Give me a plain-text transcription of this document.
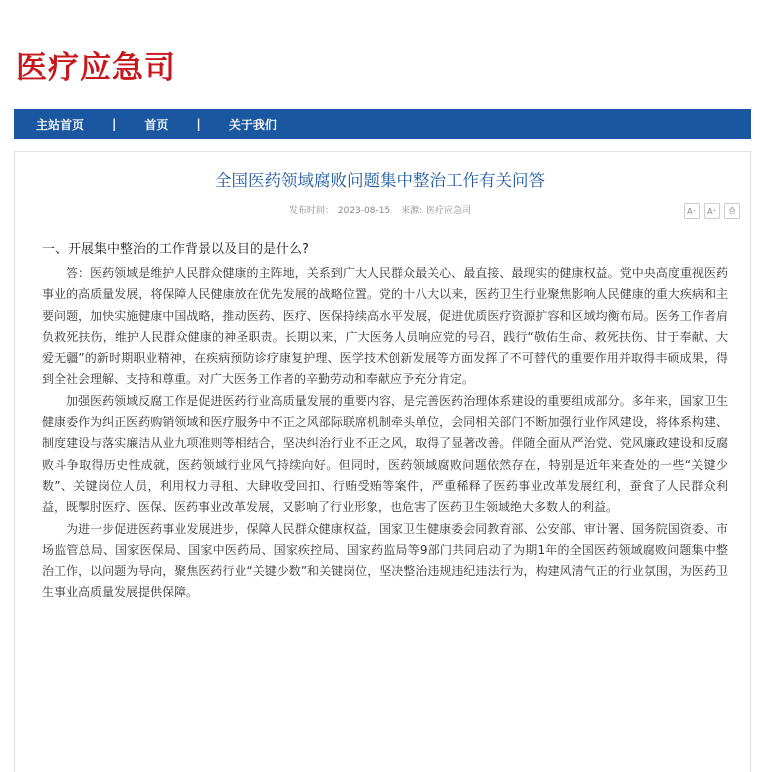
医疗应急司
主站首页 | 首页 | 关于我们
全国医药领域腐败问题集中整治工作有关问答
发布时间： 2023-08-15 来源: 医疗应急司	A⁻	A⁺	⎙
一、开展集中整治的工作背景以及目的是什么?

答：医药领域是维护人民群众健康的主阵地，关系到广大人民群众最关心、最直接、最现实的健康权益。党中央高度重视医药事业的高质量发展，将保障人民健康放在优先发展的战略位置。党的十八大以来，医药卫生行业聚焦影响人民健康的重大疾病和主要问题，加快实施健康中国战略，推动医药、医疗、医保持续高水平发展，促进优质医疗资源扩容和区域均衡布局。医务工作者肩负救死扶伤，维护人民群众健康的神圣职责。长期以来，广大医务人员响应党的号召，践行“敬佑生命、救死扶伤、甘于奉献、大爱无疆”的新时期职业精神，在疾病预防诊疗康复护理、医学技术创新发展等方面发挥了不可替代的重要作用并取得丰硕成果，得到全社会理解、支持和尊重。对广大医务工作者的辛勤劳动和奉献应予充分肯定。

加强医药领域反腐工作是促进医药行业高质量发展的重要内容，是完善医药治理体系建设的重要组成部分。多年来，国家卫生健康委作为纠正医药购销领域和医疗服务中不正之风部际联席机制牵头单位，会同相关部门不断加强行业作风建设，将体系构建、制度建设与落实廉洁从业九项准则等相结合，坚决纠治行业不正之风，取得了显著改善。伴随全面从严治党、党风廉政建设和反腐败斗争取得历史性成就，医药领域行业风气持续向好。但同时，医药领域腐败问题依然存在，特别是近年来查处的一些“关键少数”、关键岗位人员，利用权力寻租、大肆收受回扣、行贿受贿等案件，严重稀释了医药事业改革发展红利，蚕食了人民群众利益，既掣肘医疗、医保、医药事业改革发展，又影响了行业形象，也危害了医药卫生领域绝大多数人的利益。

为进一步促进医药事业发展进步，保障人民群众健康权益，国家卫生健康委会同教育部、公安部、审计署、国务院国资委、市场监管总局、国家医保局、国家中医药局、国家疾控局、国家药监局等9部门共同启动了为期1年的全国医药领域腐败问题集中整治工作，以问题为导向，聚焦医药行业“关键少数”和关键岗位，坚决整治违规违纪违法行为，构建风清气正的行业氛围，为医药卫生事业高质量发展提供保障。
